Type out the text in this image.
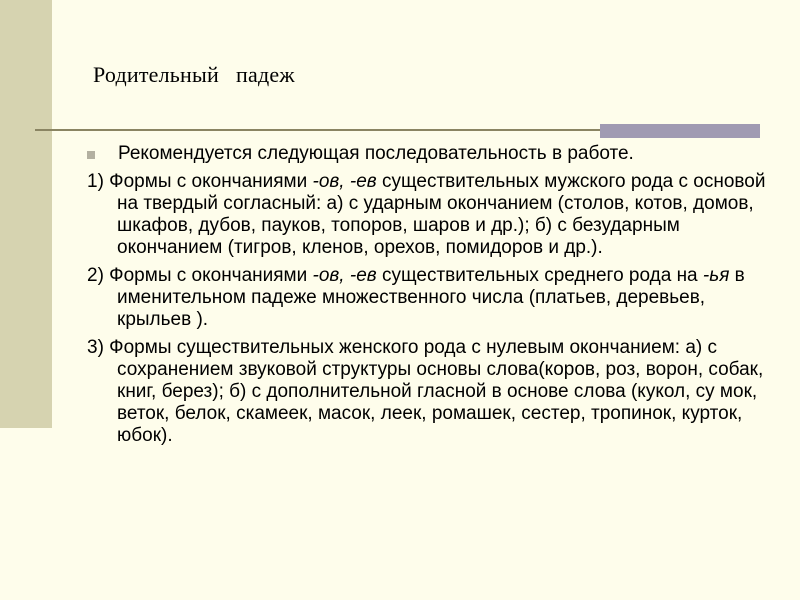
Родительный   падеж
Рекомендуется следующая последовательность в работе.
1) Формы с окончаниями -ов, -ев существительных мужского рода с основой на твердый согласный: а) с ударным окончанием (столов, котов, домов, шкафов, дубов, пауков, топоров, шаров и др.); б) с безударным окончанием (тигров, кленов, орехов, помидоров и др.).
2) Формы с окончаниями -ов, -ев существительных среднего рода на -ья в именительном падеже множественного числа (платьев, деревьев, крыльев ).
3) Формы существительных женского рода с нулевым окончанием: а) с сохранением звуковой структуры основы слова(коров, роз, ворон, собак, книг, берез); б) с дополнительной гласной в основе слова (кукол, су мок, веток, белок, скамеек, масок, леек, ромашек, сестер, тропинок, курток, юбок).
